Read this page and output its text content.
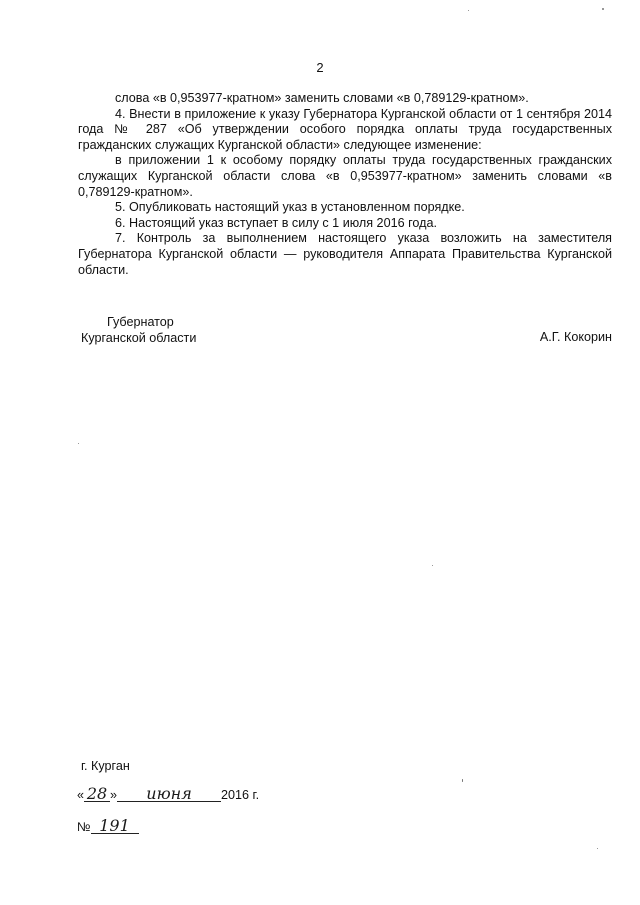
2

слова «в 0,953977-кратном» заменить словами «в 0,789129-кратном».

4. Внести в приложение к указу Губернатора Курганской области от 1 сентября 2014 года № 287 «Об утверждении особого порядка оплаты труда государственных гражданских служащих Курганской области» следующее изменение:

в приложении 1 к особому порядку оплаты труда государственных гражданских служащих Курганской области слова «в 0,953977-кратном» заменить словами «в 0,789129-кратном».

5. Опубликовать настоящий указ в установленном порядке.

6. Настоящий указ вступает в силу с 1 июля 2016 года.

7. Контроль за выполнением настоящего указа возложить на заместителя Губернатора Курганской области — руководителя Аппарата Правительства Курганской области.

Губернатор
Курганской области	А.Г. Кокорин
г. Курган
« 28 » июня 2016 г.
№ 191
